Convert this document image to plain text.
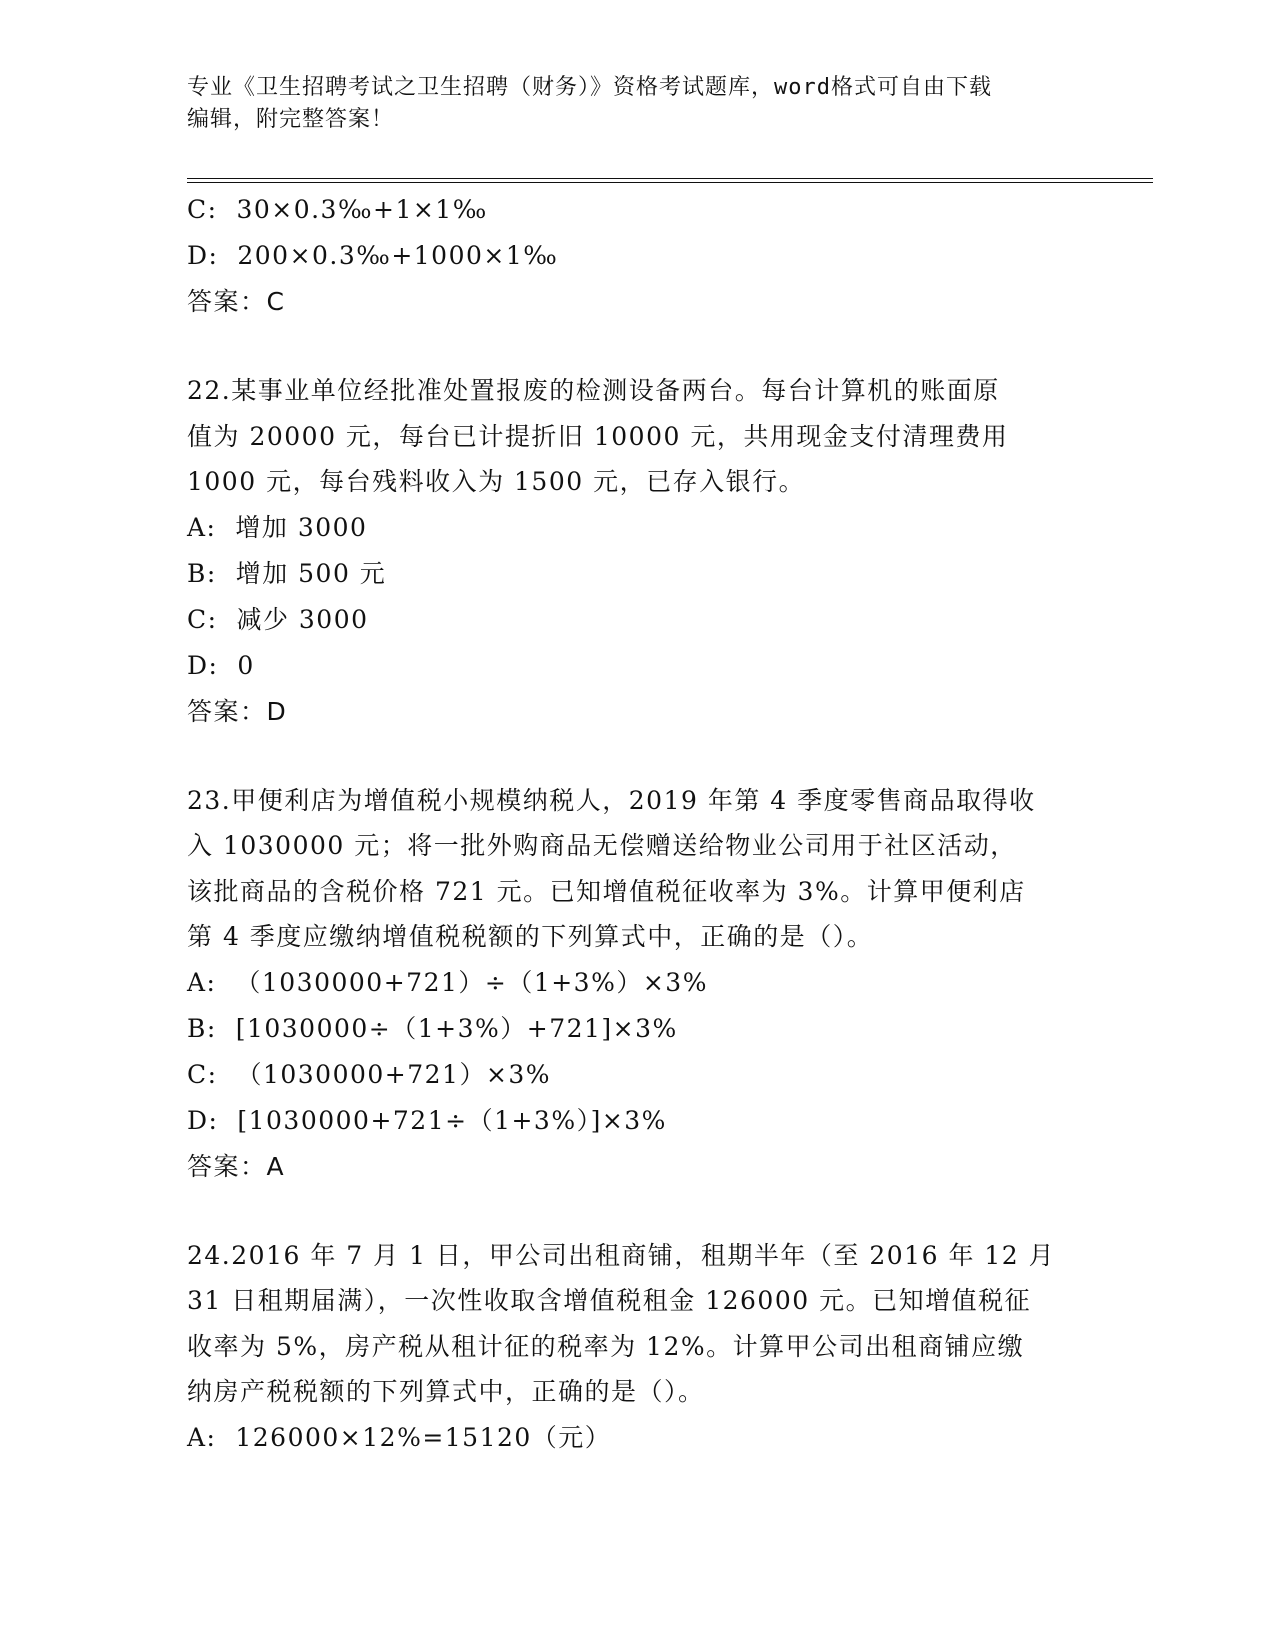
专业《卫生招聘考试之卫生招聘（财务）》资格考试题库，word格式可自由下载

编辑，附完整答案！

C:  30×0.3‰+1×1‰

D:  200×0.3‰+1000×1‰

答案：C

22.某事业单位经批准处置报废的检测设备两台。每台计算机的账面原

值为 20000 元，每台已计提折旧 10000 元，共用现金支付清理费用

1000 元，每台残料收入为 1500 元，已存入银行。

A:  增加 3000

B:  增加 500 元

C:  减少 3000

D:  0

答案：D

23.甲便利店为增值税小规模纳税人，2019 年第 4 季度零售商品取得收

入 1030000 元；将一批外购商品无偿赠送给物业公司用于社区活动，

该批商品的含税价格 721 元。已知增值税征收率为 3%。计算甲便利店

第 4 季度应缴纳增值税税额的下列算式中，正确的是（）。

A:  （1030000+721）÷（1+3%）×3%

B:  [1030000÷（1+3%）+721]×3%

C:  （1030000+721）×3%

D:  [1030000+721÷（1+3%）]×3%

答案：A

24.2016 年 7 月 1 日，甲公司出租商铺，租期半年（至 2016 年 12 月

31 日租期届满），一次性收取含增值税租金 126000 元。已知增值税征

收率为 5%，房产税从租计征的税率为 12%。计算甲公司出租商铺应缴

纳房产税税额的下列算式中，正确的是（）。

A:  126000×12%=15120（元）
